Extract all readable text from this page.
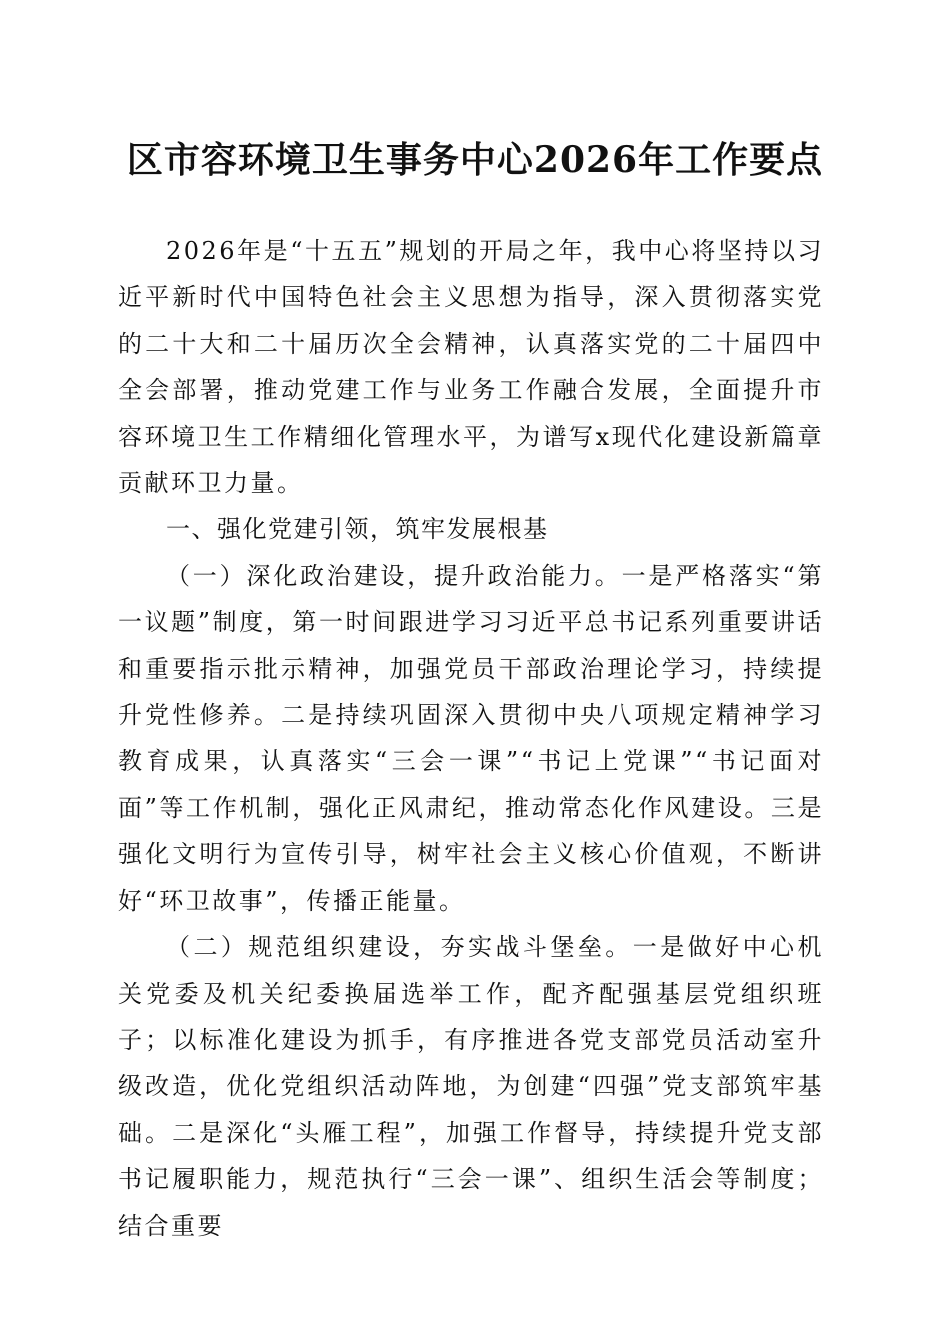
区市容环境卫生事务中心2026年工作要点

2026年是“十五五”规划的开局之年，我中心将坚持以习近平新时代中国特色社会主义思想为指导，深入贯彻落实党的二十大和二十届历次全会精神，认真落实党的二十届四中全会部署，推动党建工作与业务工作融合发展，全面提升市容环境卫生工作精细化管理水平，为谱写x现代化建设新篇章贡献环卫力量。

一、强化党建引领，筑牢发展根基

（一）深化政治建设，提升政治能力。一是严格落实“第一议题”制度，第一时间跟进学习习近平总书记系列重要讲话和重要指示批示精神，加强党员干部政治理论学习，持续提升党性修养。二是持续巩固深入贯彻中央八项规定精神学习教育成果，认真落实“三会一课”“书记上党课”“书记面对面”等工作机制，强化正风肃纪，推动常态化作风建设。三是强化文明行为宣传引导，树牢社会主义核心价值观，不断讲好“环卫故事”，传播正能量。

（二）规范组织建设，夯实战斗堡垒。一是做好中心机关党委及机关纪委换届选举工作，配齐配强基层党组织班子；以标准化建设为抓手，有序推进各党支部党员活动室升级改造，优化党组织活动阵地，为创建“四强”党支部筑牢基础。二是深化“头雁工程”，加强工作督导，持续提升党支部书记履职能力，规范执行“三会一课”、组织生活会等制度；结合重要
